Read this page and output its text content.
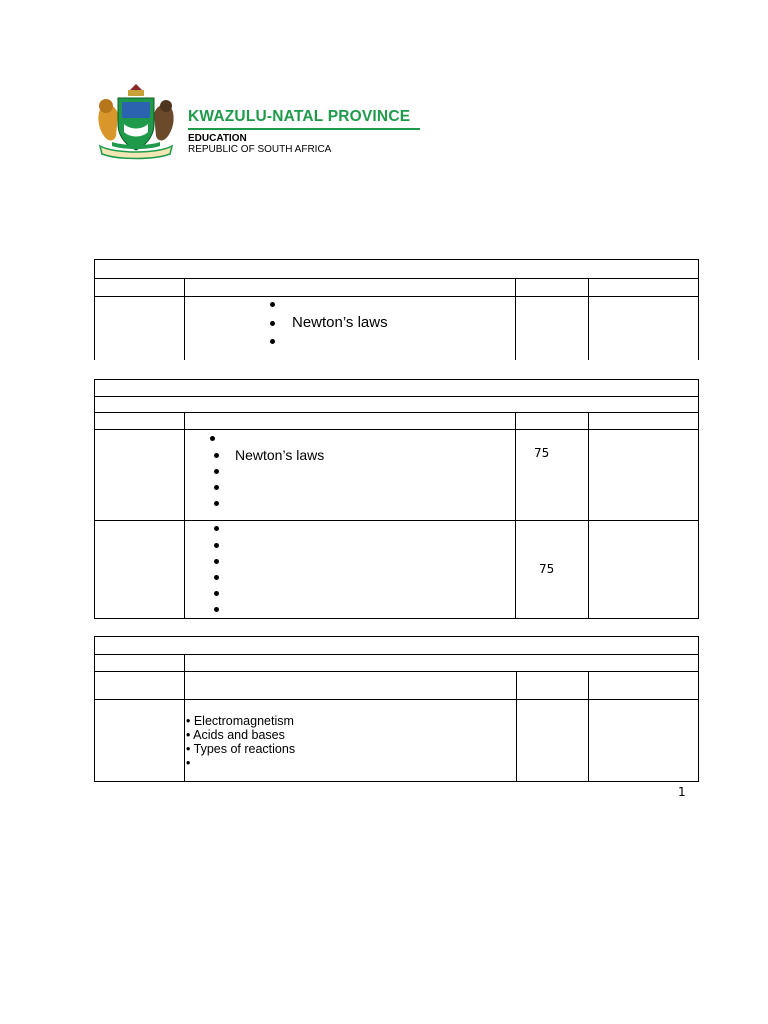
KWAZULU-NATAL PROVINCE
EDUCATION
REPUBLIC OF SOUTH AFRICA
Newton’s laws
Newton’s laws	75
75
• Electromagnetism
• Acids and bases
• Types of reactions
•
1
